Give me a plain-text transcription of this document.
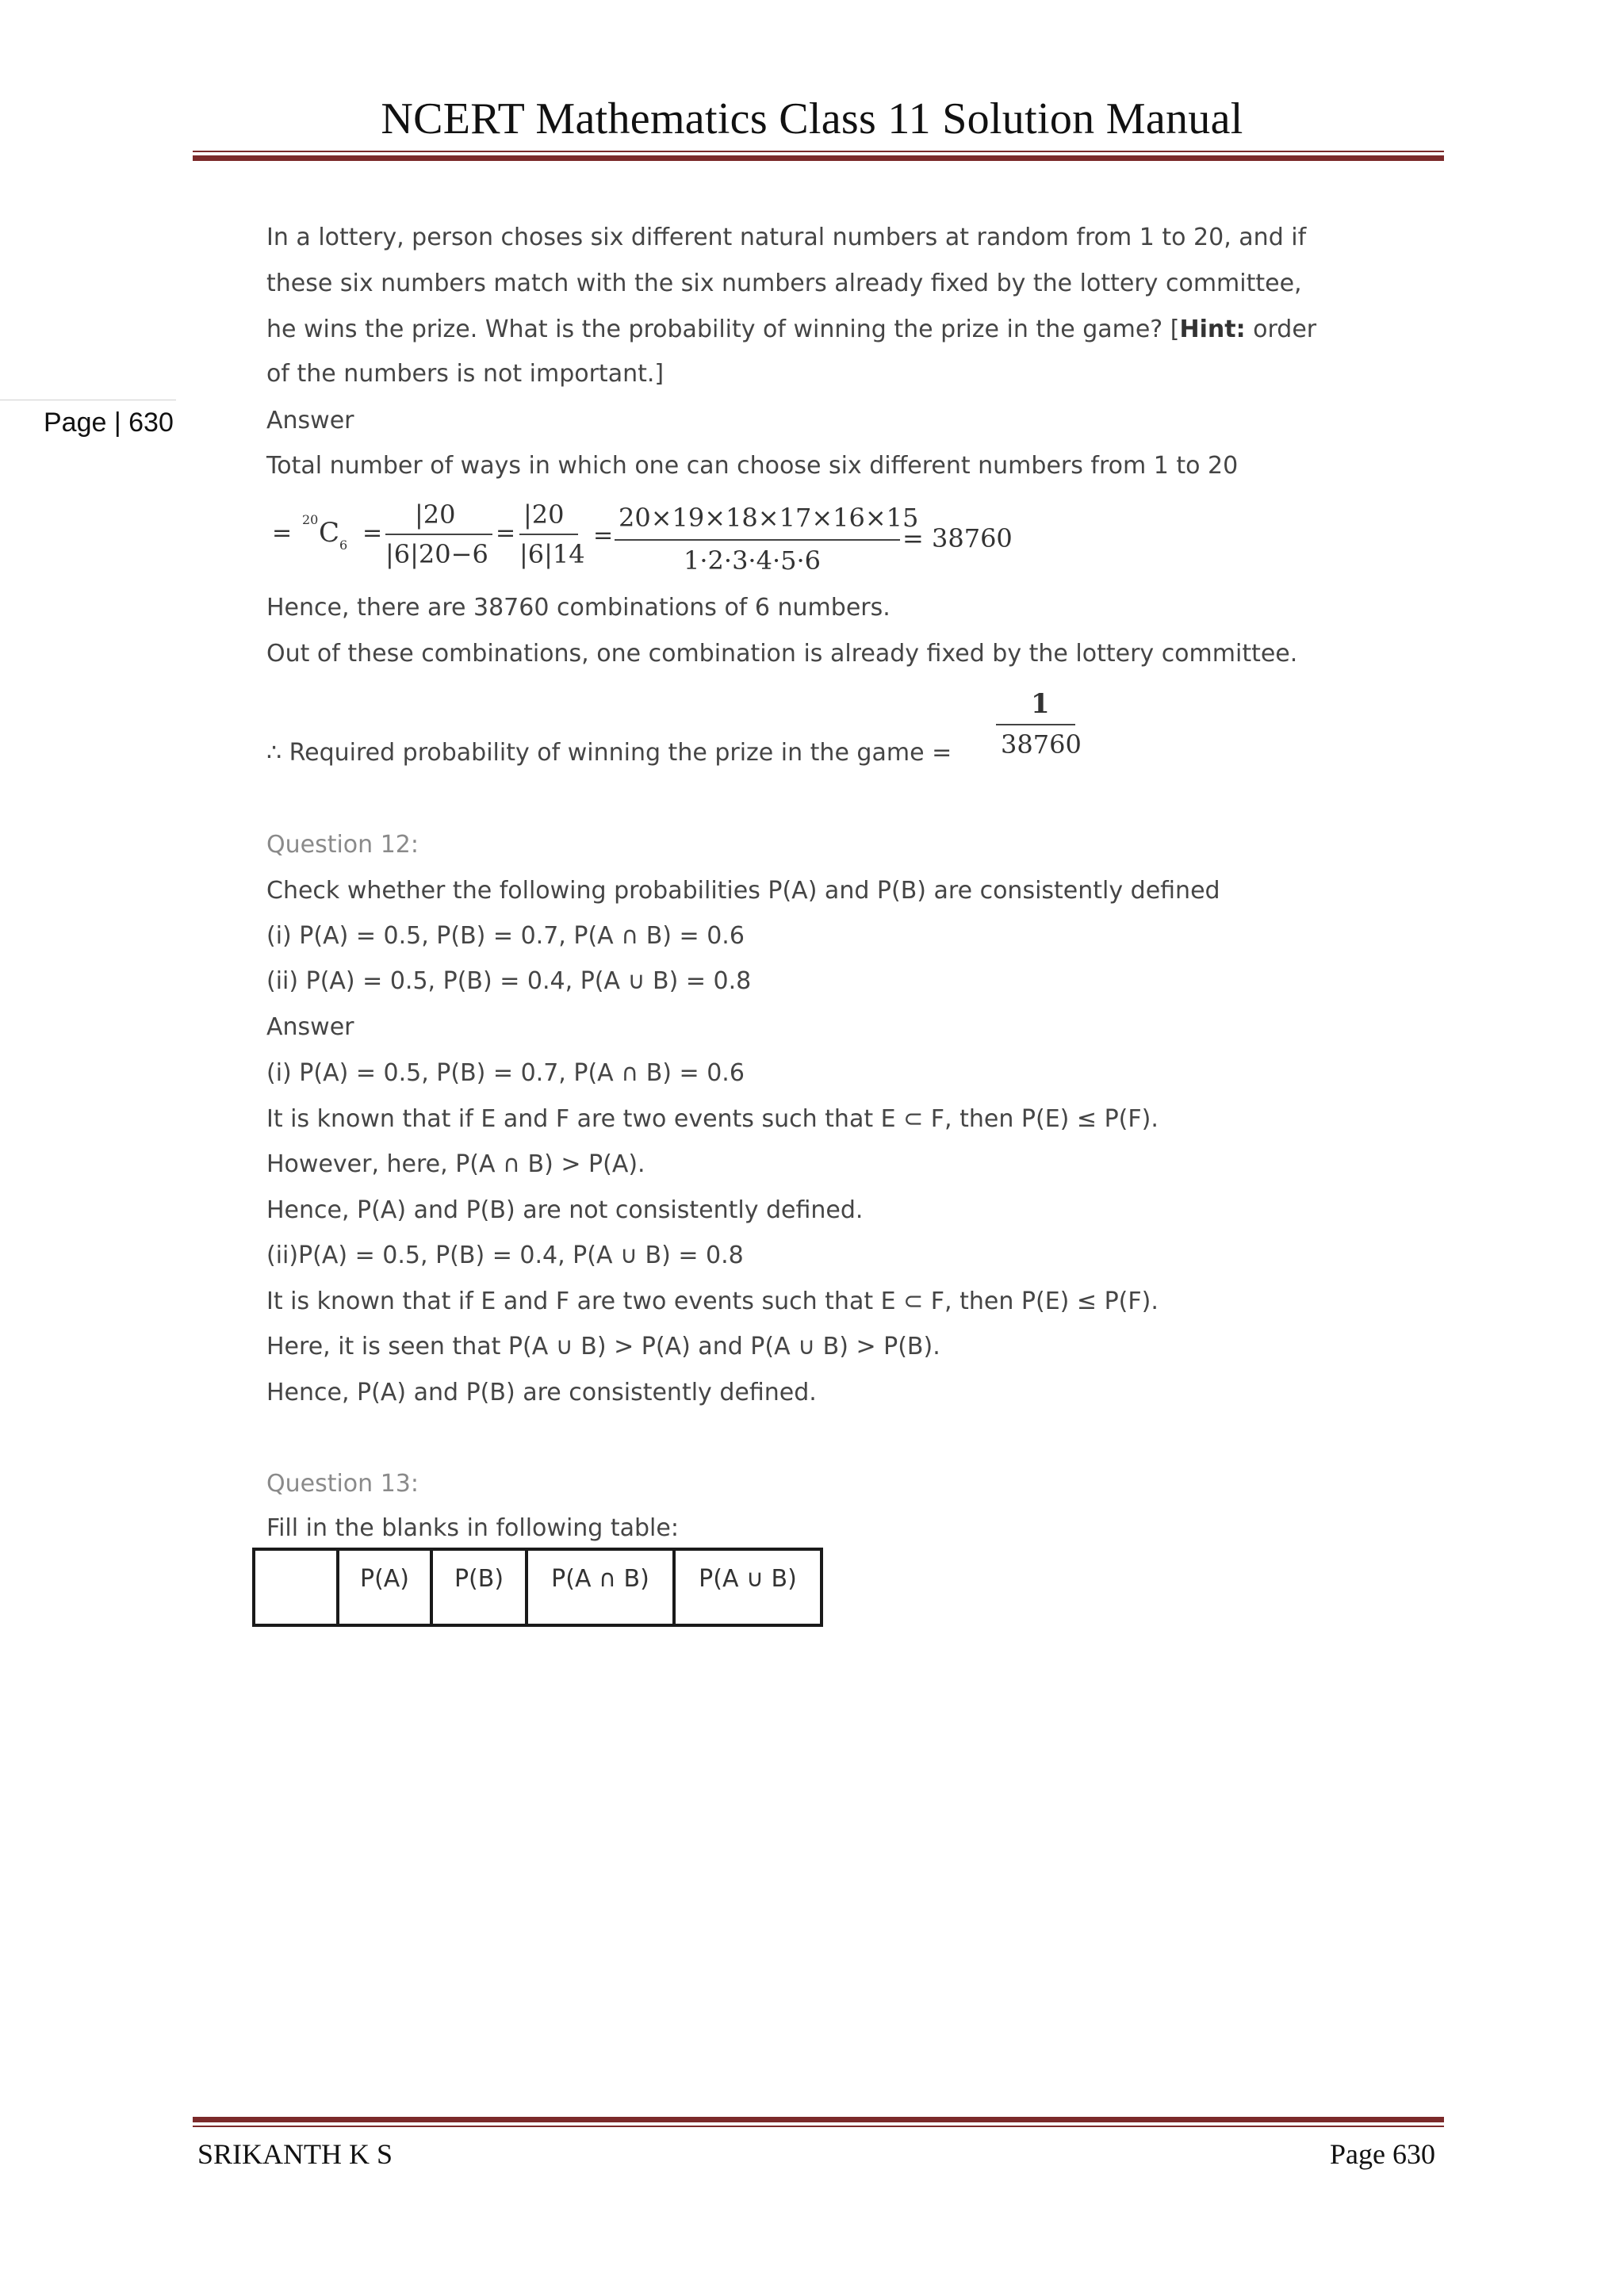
NCERT Mathematics Class 11 Solution Manual
Page | 630
In a lottery, person choses six different natural numbers at random from 1 to 20, and if
these six numbers match with the six numbers already fixed by the lottery committee,
he wins the prize. What is the probability of winning the prize in the game? [Hint: order
of the numbers is not important.]
Answer
Total number of ways in which one can choose six different numbers from 1 to 20
= 20 C 6 =
|20
|6|20−6
=
|20
|6|14
=
20×19×18×17×16×15
1·2·3·4·5·6
= 38760
Hence, there are 38760 combinations of 6 numbers.
Out of these combinations, one combination is already fixed by the lottery committee.
∴ Required probability of winning the prize in the game =
1
38760
Question 12:
Check whether the following probabilities P(A) and P(B) are consistently defined
(i) P(A) = 0.5, P(B) = 0.7, P(A ∩ B) = 0.6
(ii) P(A) = 0.5, P(B) = 0.4, P(A ∪ B) = 0.8
Answer
(i) P(A) = 0.5, P(B) = 0.7, P(A ∩ B) = 0.6
It is known that if E and F are two events such that E ⊂ F, then P(E) ≤ P(F).
However, here, P(A ∩ B) > P(A).
Hence, P(A) and P(B) are not consistently defined.
(ii)P(A) = 0.5, P(B) = 0.4, P(A ∪ B) = 0.8
It is known that if E and F are two events such that E ⊂ F, then P(E) ≤ P(F).
Here, it is seen that P(A ∪ B) > P(A) and P(A ∪ B) > P(B).
Hence, P(A) and P(B) are consistently defined.
Question 13:
Fill in the blanks in following table:
	P(A)	P(B)	P(A ∩ B)	P(A ∪ B)
SRIKANTH K S	Page 630
